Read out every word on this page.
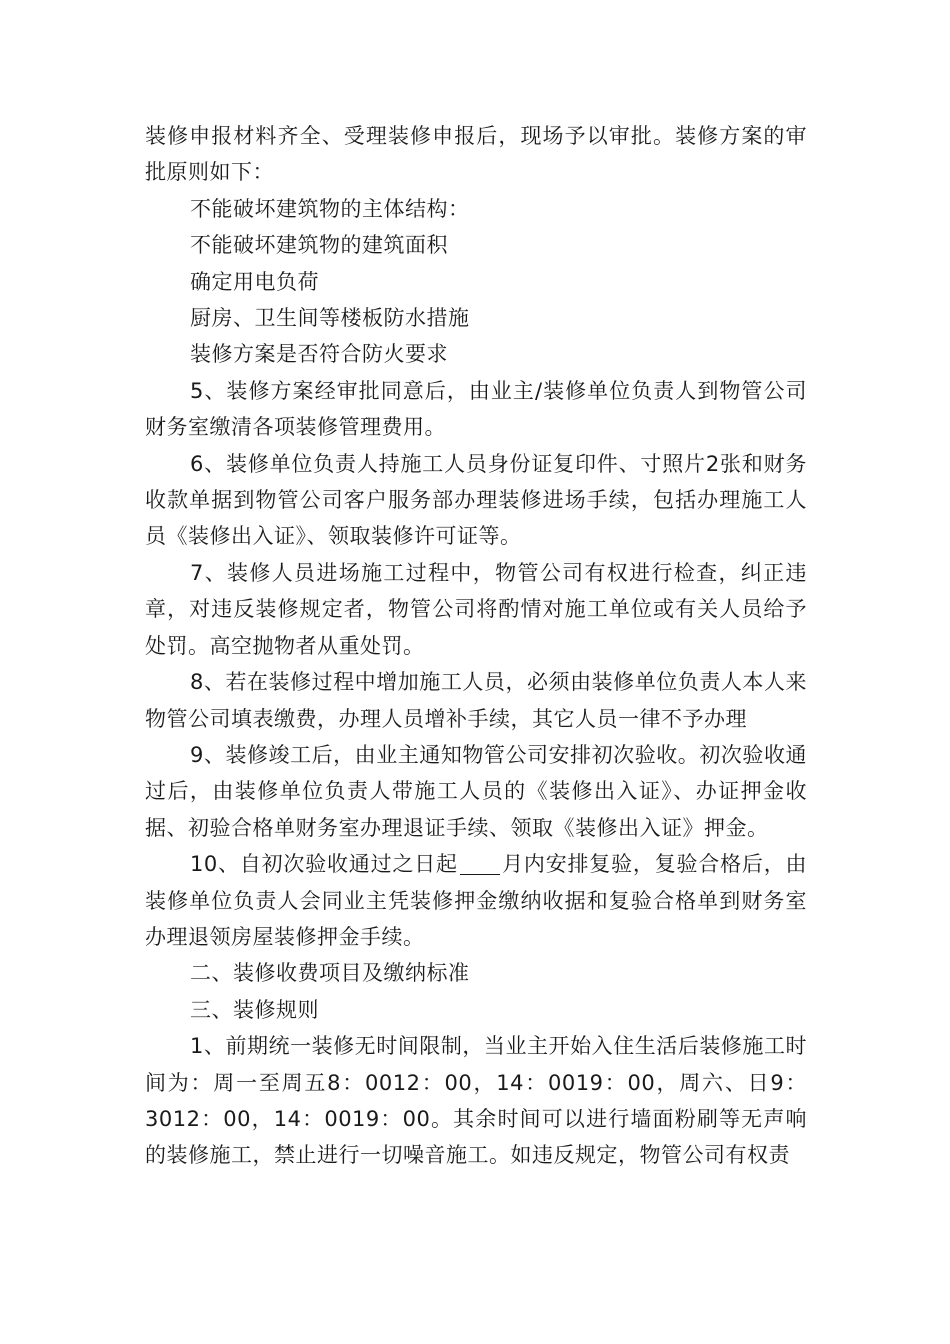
装修申报材料齐全、受理装修申报后，现场予以审批。装修方案的审批原则如下：

不能破坏建筑物的主体结构：

不能破坏建筑物的建筑面积

确定用电负荷

厨房、卫生间等楼板防水措施

装修方案是否符合防火要求

5、装修方案经审批同意后，由业主/装修单位负责人到物管公司财务室缴清各项装修管理费用。

6、装修单位负责人持施工人员身份证复印件、寸照片2张和财务收款单据到物管公司客户服务部办理装修进场手续，包括办理施工人员《装修出入证》、领取装修许可证等。

7、装修人员进场施工过程中，物管公司有权进行检查，纠正违章，对违反装修规定者，物管公司将酌情对施工单位或有关人员给予处罚。高空抛物者从重处罚。

8、若在装修过程中增加施工人员，必须由装修单位负责人本人来物管公司填表缴费，办理人员增补手续，其它人员一律不予办理

9、装修竣工后，由业主通知物管公司安排初次验收。初次验收通过后，由装修单位负责人带施工人员的《装修出入证》、办证押金收据、初验合格单财务室办理退证手续、领取《装修出入证》押金。

10、自初次验收通过之日起 月内安排复验，复验合格后，由装修单位负责人会同业主凭装修押金缴纳收据和复验合格单到财务室办理退领房屋装修押金手续。

二、装修收费项目及缴纳标准

三、装修规则

1、前期统一装修无时间限制，当业主开始入住生活后装修施工时间为：周一至周五8：0012：00，14：0019：00，周六、日9：3012：00，14：0019：00。其余时间可以进行墙面粉刷等无声响的装修施工，禁止进行一切噪音施工。如违反规定，物管公司有权责
